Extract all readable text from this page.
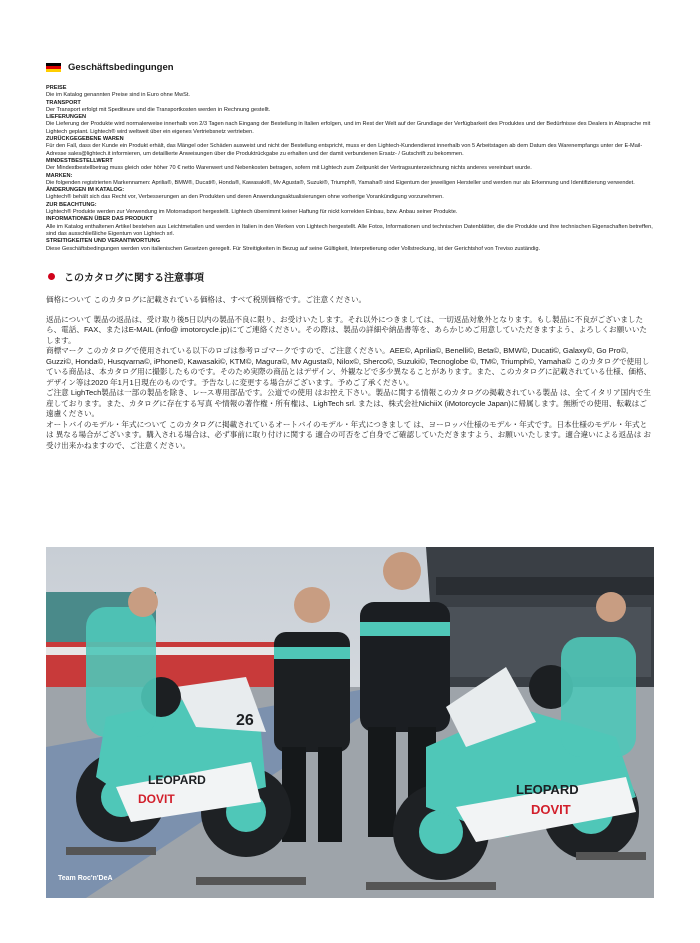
Geschäftsbedingungen
PREISE
Die im Katalog genannten Preise sind in Euro ohne MwSt.
TRANSPORT
Der Transport erfolgt mit Spediteure und die Transportkosten werden in Rechnung gestellt.
LIEFERUNGEN
Die Lieferung der Produkte wird normalerweise innerhalb von 2/3 Tagen nach Eingang der Bestellung in Italien erfolgen, und im Rest der Welt auf der Grundlage der Verfügbarkeit des Produktes und der Bedürfnisse des Dealers in Absprache mit Lightech geplant. Lightech® wird weltweit über ein eigenes Vertriebsnetz vertrieben.
ZURÜCKGEGEBENE WAREN
Für den Fall, dass der Kunde ein Produkt erhält, das Mängel oder Schäden ausweist und nicht der Bestellung entspricht, muss er den Lightech-Kundendienst innerhalb von 5 Arbeitstagen ab dem Datum des Warenempfangs unter der E-Mail-Adresse sales@lightech.it informieren, um detaillierte Anweisungen über die Produktrückgabe zu erhalten und der damit verbundenen Ersatz- / Gutschrift zu bekommen.
MINDESTBESTELLWERT
Der Mindestbestellbetrag muss gleich oder höher 70 € netto Warenwert und Nebenkosten betragen, sofern mit Lightech zum Zeitpunkt der Vertragsunterzeichnung nichts anderes vereinbart wurde.
MARKEN:
Die folgenden registrierten Markennamen: Aprilia®, BMW®, Ducati®, Honda®, Kawasaki®, Mv Agusta®, Suzuki®, Triumph®, Yamaha® sind Eigentum der jeweiligen Hersteller und werden nur als Erkennung und Identifizierung verwendet.
ÄNDERUNGEN IM KATALOG:
Lightech® behält sich das Recht vor, Verbesserungen an den Produkten und deren Anwendungsaktualisierungen ohne vorherige Vorankündigung vorzunehmen.
ZUR BEACHTUNG:
Lightech® Produkte werden zur Verwendung im Motorradsport hergestellt. Lightech übernimmt keiner Haftung für nickt korrekten Einbau, bzw. Anbau seiner Produkte.
INFORMATIONEN ÜBER DAS PRODUKT
Alle im Katalog enthaltenen Artikel bestehen aus Leichtmetallen und werden in Italien in den Werken von Lightech hergestellt. Alle Fotos, Informationen und technischen Datenblätter, die die Produkte und ihre technischen Eigenschaften betreffen, sind das ausschließliche Eigentum von Lightech srl.
STREITIGKEITEN UND VERANTWORTUNG
Diese Geschäftsbedingungen werden von italienischen Gesetzen geregelt. Für Streitigkeiten in Bezug auf seine Gültigkeit, Interpretierung oder Vollstreckung, ist der Gerichtshof von Treviso zuständig.
このカタログに関する注意事項
価格について このカタログに記載されている価格は、すべて税別価格です。ご注意ください。

返品について 製品の返品は、受け取り後5日以内の製品不良に限り、お受けいたします。それ以外につきましては、一切返品対象外となります。もし製品に不良がございましたら、電話、FAX、またはE-MAIL (info@ imotorcycle.jp)にてご連絡ください。その際は、製品の詳細や納品書等を、あらかじめご用意していただきますよう、よろしくお願いいたします。

商標マーク このカタログで使用されている以下のロゴは参考ロゴマークですので、ご注意ください。AEE©, Aprilia©, Benelli©, Beta©, BMW©, Ducati©, Galaxy©, Go Pro©, Guzzi©, Honda©, Husqvarna©, iPhone©, Kawasaki©, KTM©, Magura©, Mv Agusta©, Nilox©, Sherco©, Suzuki©, Tecnoglobe ©, TM©, Triumph©, Yamaha© このカタログで使用している商品は、本カタログ用に撮影したものです。そのため実際の商品とはデザイン、外観などで多少異なることがあります。また、このカタログに記載されている仕様、価格、デザイン等は2020 年1月1日現在のものです。予告なしに変更する場合がございます。予めご了承ください。

ご注意 LighTech製品は一部の製品を除き、レース専用部品です。公道での使用 はお控え下さい。製品に関する情報このカタログの掲載されている製品 は、全てイタリア国内で生産しております。また、カタログに存在する写真 や情報の著作権・所有権は、LighTech srl. または、株式会社NichiiX (iMotorcycle Japan)に帰属します。無断での使用、転載はご遠慮ください。

オートバイのモデル・年式について このカタログに掲載されているオートバイのモデル・年式につきまして は、ヨーロッパ仕様のモデル・年式です。日本仕様のモデル・年式とは 異なる場合がございます。購入される場合は、必ず事前に取り付けに関する 適合の可否をご自身でご確認していただきますよう、お願いいたします。適合違いによる返品は お受け出来かねますので、ご注意ください。

LEOPARD
DOVIT
26
LEOPARD
DOVIT
Team Roc'n'DeA
